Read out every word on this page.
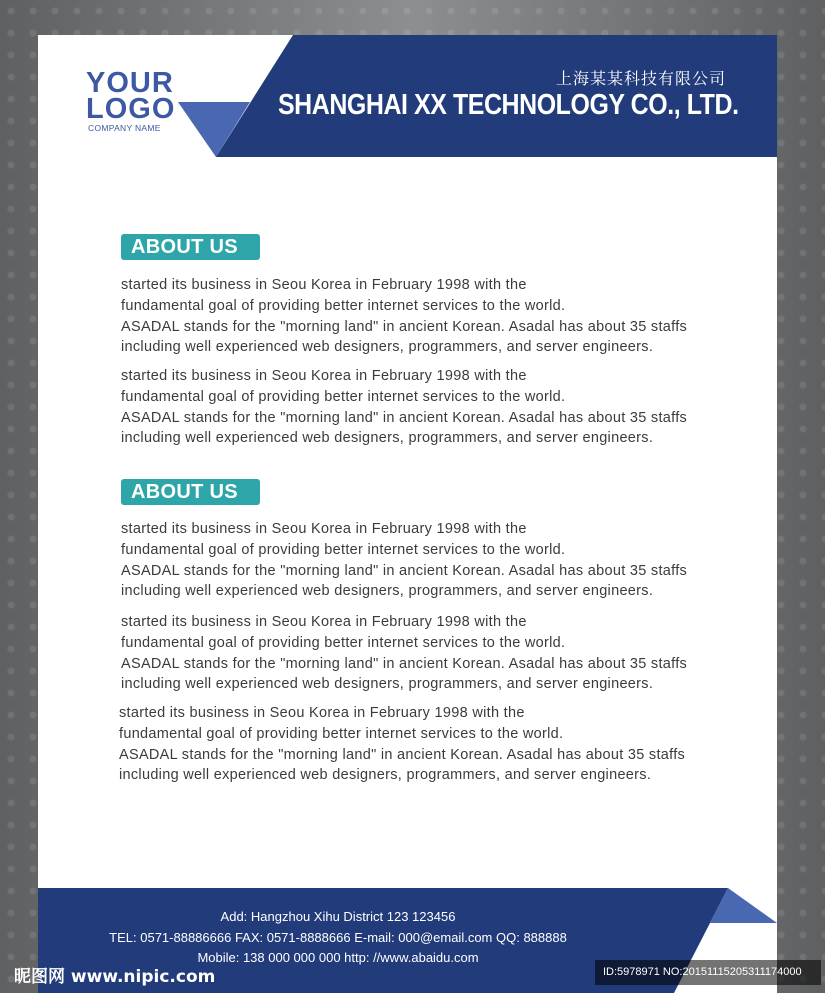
YOUR
LOGO
COMPANY NAME
上海某某科技有限公司
SHANGHAI XX TECHNOLOGY CO., LTD.
ABOUT US
started its business in Seou Korea in February 1998 with the
fundamental goal of providing better internet services to the world.
ASADAL stands for the "morning land" in ancient Korean. Asadal has about 35 staffs
including well experienced web designers, programmers, and server engineers.
started its business in Seou Korea in February 1998 with the
fundamental goal of providing better internet services to the world.
ASADAL stands for the "morning land" in ancient Korean. Asadal has about 35 staffs
including well experienced web designers, programmers, and server engineers.
ABOUT US
started its business in Seou Korea in February 1998 with the
fundamental goal of providing better internet services to the world.
ASADAL stands for the "morning land" in ancient Korean. Asadal has about 35 staffs
including well experienced web designers, programmers, and server engineers.
started its business in Seou Korea in February 1998 with the
fundamental goal of providing better internet services to the world.
ASADAL stands for the "morning land" in ancient Korean. Asadal has about 35 staffs
including well experienced web designers, programmers, and server engineers.
started its business in Seou Korea in February 1998 with the
fundamental goal of providing better internet services to the world.
ASADAL stands for the "morning land" in ancient Korean. Asadal has about 35 staffs
including well experienced web designers, programmers, and server engineers.
Add: Hangzhou Xihu District 123 123456
TEL: 0571-88886666 FAX: 0571-8888666 E-mail: 000@email.com QQ: 888888
Mobile: 138 000 000 000 http: //www.abaidu.com
昵图网 www.nipic.com	ID:5978971 NO:20151115205311174000
